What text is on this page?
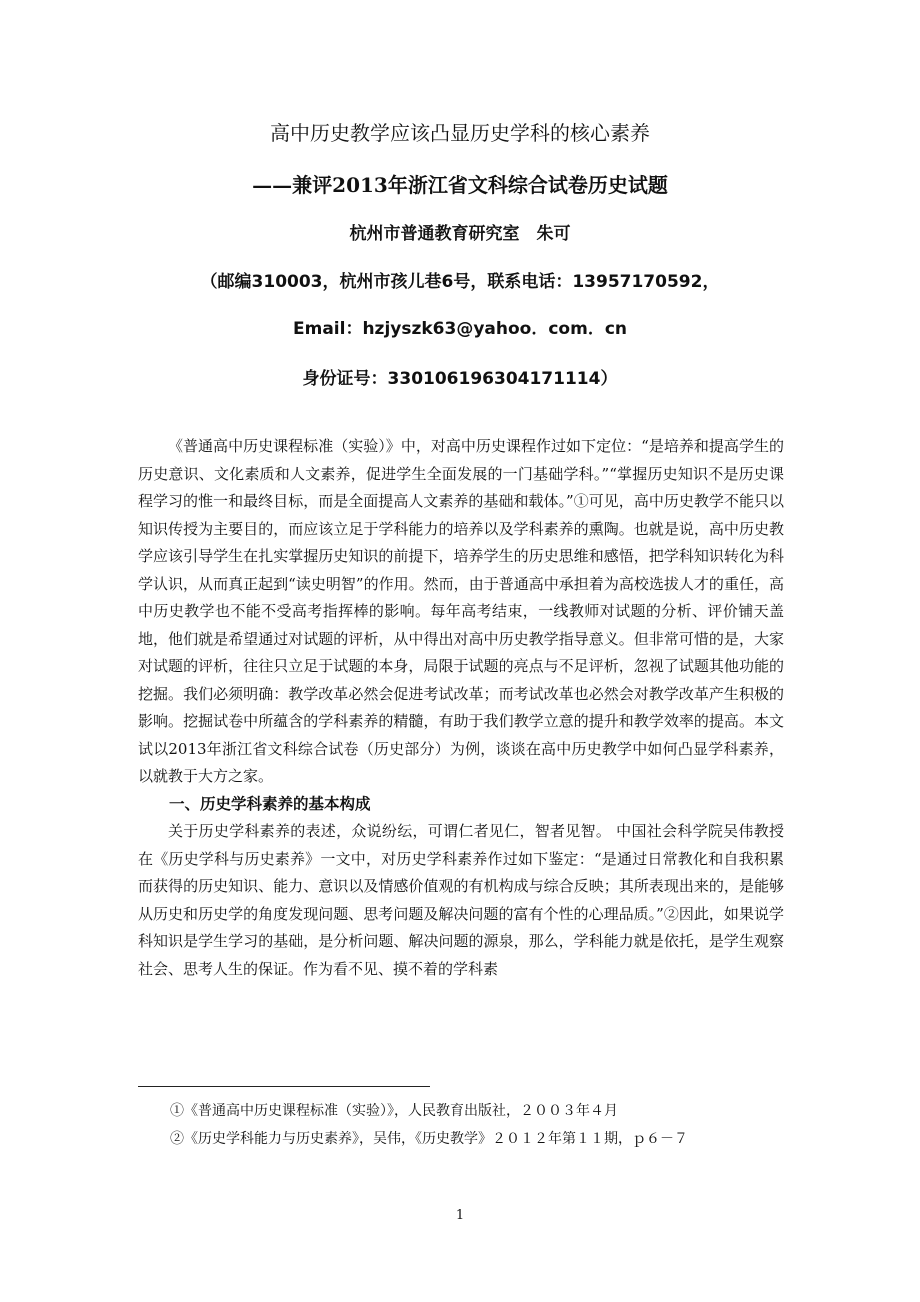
高中历史教学应该凸显历史学科的核心素养
——兼评2013年浙江省文科综合试卷历史试题
杭州市普通教育研究室　朱可
（邮编310003，杭州市孩儿巷6号，联系电话：13957170592，
Email：hzjyszk63@yahoo．com．cn
身份证号：330106196304171114）

《普通高中历史课程标准（实验）》中，对高中历史课程作过如下定位：“是培养和提高学生的历史意识、文化素质和人文素养，促进学生全面发展的一门基础学科。”“掌握历史知识不是历史课程学习的惟一和最终目标，而是全面提高人文素养的基础和载体。”①可见，高中历史教学不能只以知识传授为主要目的，而应该立足于学科能力的培养以及学科素养的熏陶。也就是说，高中历史教学应该引导学生在扎实掌握历史知识的前提下，培养学生的历史思维和感悟，把学科知识转化为科学认识，从而真正起到“读史明智”的作用。然而，由于普通高中承担着为高校选拔人才的重任，高中历史教学也不能不受高考指挥棒的影响。每年高考结束，一线教师对试题的分析、评价铺天盖地，他们就是希望通过对试题的评析，从中得出对高中历史教学指导意义。但非常可惜的是，大家对试题的评析，往往只立足于试题的本身，局限于试题的亮点与不足评析，忽视了试题其他功能的挖掘。我们必须明确：教学改革必然会促进考试改革；而考试改革也必然会对教学改革产生积极的影响。挖掘试卷中所蕴含的学科素养的精髓，有助于我们教学立意的提升和教学效率的提高。本文试以2013年浙江省文科综合试卷（历史部分）为例，谈谈在高中历史教学中如何凸显学科素养，以就教于大方之家。

一、历史学科素养的基本构成

关于历史学科素养的表述，众说纷纭，可谓仁者见仁，智者见智。 中国社会科学院吴伟教授在《历史学科与历史素养》一文中，对历史学科素养作过如下鉴定：“是通过日常教化和自我积累而获得的历史知识、能力、意识以及情感价值观的有机构成与综合反映；其所表现出来的，是能够从历史和历史学的角度发现问题、思考问题及解决问题的富有个性的心理品质。”②因此，如果说学科知识是学生学习的基础，是分析问题、解决问题的源泉，那么，学科能力就是依托，是学生观察社会、思考人生的保证。作为看不见、摸不着的学科素

①《普通高中历史课程标准（实验）》，人民教育出版社，２００３年４月
②《历史学科能力与历史素养》，吴伟，《历史教学》２０１２年第１１期，ｐ６－７
1
